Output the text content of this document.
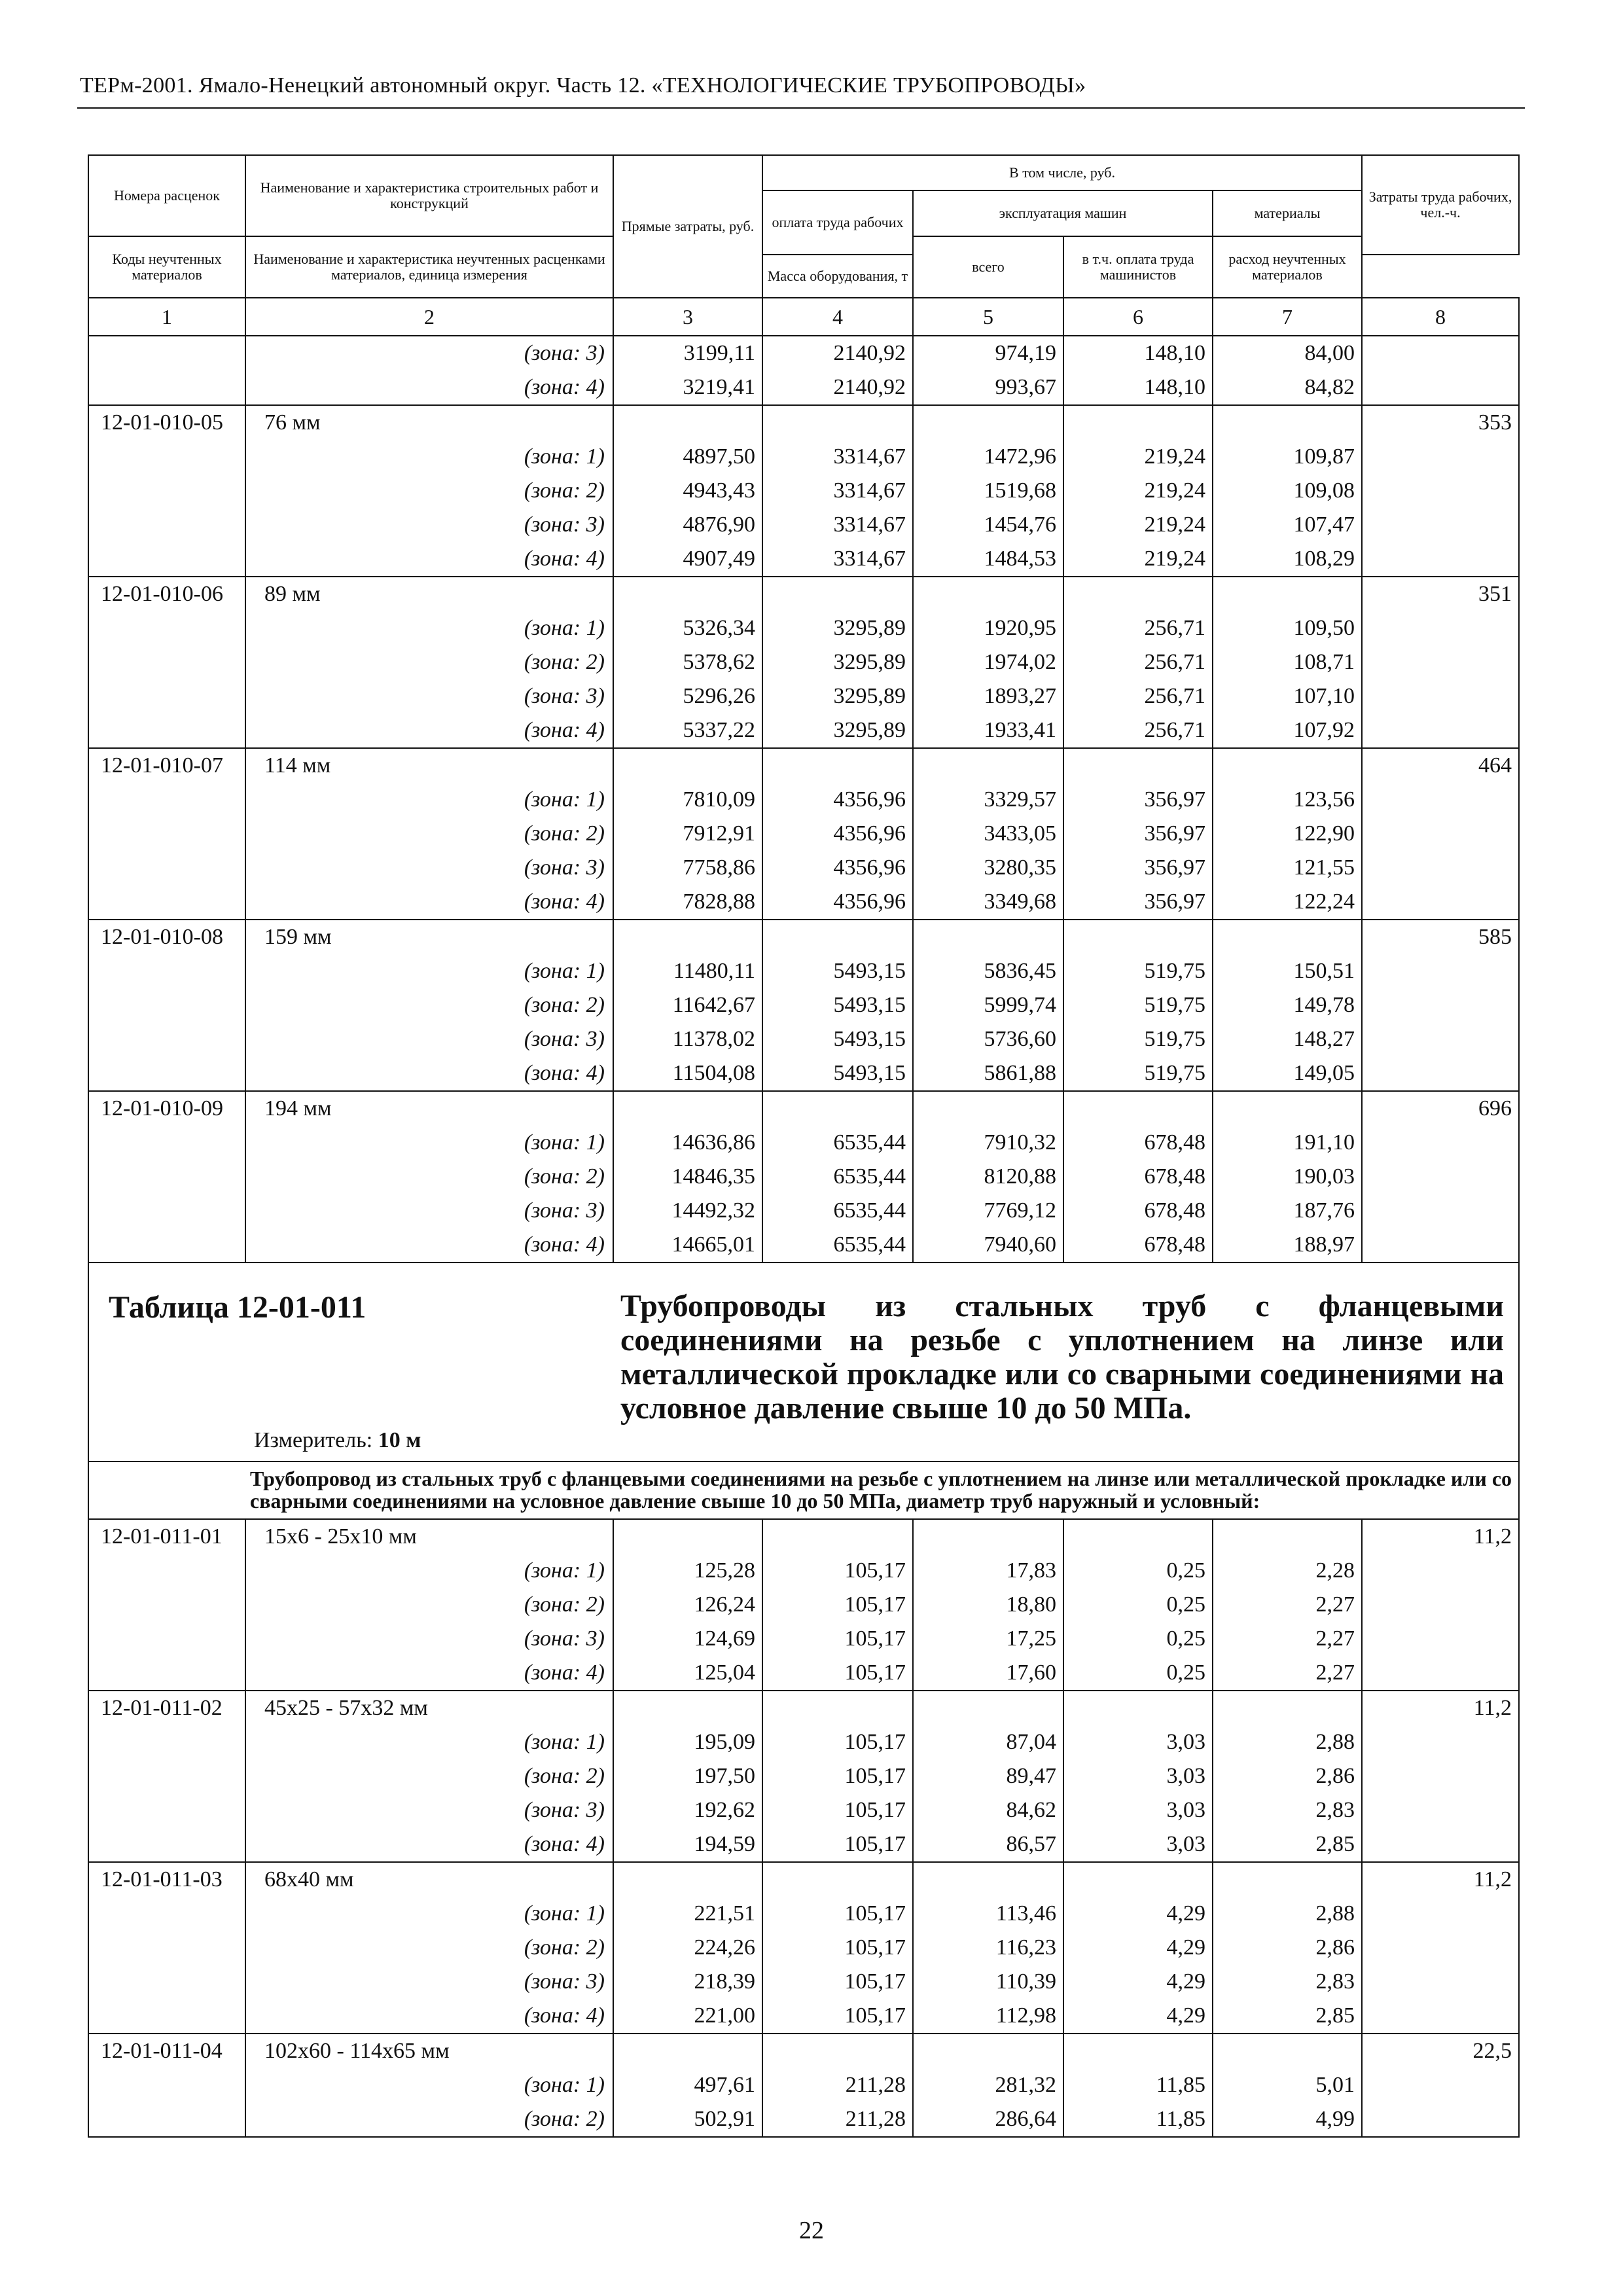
ТЕРм-2001. Ямало-Ненецкий автономный округ. Часть 12. «ТЕХНОЛОГИЧЕСКИЕ ТРУБОПРОВОДЫ»
Номера расценок	Наименование и характеристика строительных работ и конструкций	Прямые затраты, руб.	В том числе, руб.				Затраты труда рабочих, чел.-ч.
			оплата труда рабочих	эксплуатация машин		материалы	
Коды неучтенных материалов	Наименование и характеристика неучтенных расценками материалов, единица измерения			всего	в т.ч. оплата труда машинистов	расход неучтенных материалов	
			Масса оборудования, т				
1	2	3	4	5	6	7	8
	(зона: 3)	3199,11	2140,92	974,19	148,10	84,00	
	(зона: 4)	3219,41	2140,92	993,67	148,10	84,82	
12-01-010-05	76 мм						353
	(зона: 1)	4897,50	3314,67	1472,96	219,24	109,87	
	(зона: 2)	4943,43	3314,67	1519,68	219,24	109,08	
	(зона: 3)	4876,90	3314,67	1454,76	219,24	107,47	
	(зона: 4)	4907,49	3314,67	1484,53	219,24	108,29	
12-01-010-06	89 мм						351
	(зона: 1)	5326,34	3295,89	1920,95	256,71	109,50	
	(зона: 2)	5378,62	3295,89	1974,02	256,71	108,71	
	(зона: 3)	5296,26	3295,89	1893,27	256,71	107,10	
	(зона: 4)	5337,22	3295,89	1933,41	256,71	107,92	
12-01-010-07	114 мм						464
	(зона: 1)	7810,09	4356,96	3329,57	356,97	123,56	
	(зона: 2)	7912,91	4356,96	3433,05	356,97	122,90	
	(зона: 3)	7758,86	4356,96	3280,35	356,97	121,55	
	(зона: 4)	7828,88	4356,96	3349,68	356,97	122,24	
12-01-010-08	159 мм						585
	(зона: 1)	11480,11	5493,15	5836,45	519,75	150,51	
	(зона: 2)	11642,67	5493,15	5999,74	519,75	149,78	
	(зона: 3)	11378,02	5493,15	5736,60	519,75	148,27	
	(зона: 4)	11504,08	5493,15	5861,88	519,75	149,05	
12-01-010-09	194 мм						696
	(зона: 1)	14636,86	6535,44	7910,32	678,48	191,10	
	(зона: 2)	14846,35	6535,44	8120,88	678,48	190,03	
	(зона: 3)	14492,32	6535,44	7769,12	678,48	187,76	
	(зона: 4)	14665,01	6535,44	7940,60	678,48	188,97	

Таблица 12-01-011 Трубопроводы из стальных труб с фланцевыми соединениями на резьбе с уплотнением на линзе или металлической прокладке или со сварными соединениями на условное давление свыше 10 до 50 МПа.
Измеритель: 10 м							

Трубопровод из стальных труб с фланцевыми соединениями на резьбе с уплотнением на линзе или металлической прокладке или со сварными соединениями на условное давление свыше 10 до 50 МПа, диаметр труб наружный и условный:							

12-01-011-01	15х6 - 25х10 мм						11,2
	(зона: 1)	125,28	105,17	17,83	0,25	2,28	
	(зона: 2)	126,24	105,17	18,80	0,25	2,27	
	(зона: 3)	124,69	105,17	17,25	0,25	2,27	
	(зона: 4)	125,04	105,17	17,60	0,25	2,27	
12-01-011-02	45х25 - 57х32 мм						11,2
	(зона: 1)	195,09	105,17	87,04	3,03	2,88	
	(зона: 2)	197,50	105,17	89,47	3,03	2,86	
	(зона: 3)	192,62	105,17	84,62	3,03	2,83	
	(зона: 4)	194,59	105,17	86,57	3,03	2,85	
12-01-011-03	68х40 мм						11,2
	(зона: 1)	221,51	105,17	113,46	4,29	2,88	
	(зона: 2)	224,26	105,17	116,23	4,29	2,86	
	(зона: 3)	218,39	105,17	110,39	4,29	2,83	
	(зона: 4)	221,00	105,17	112,98	4,29	2,85	
12-01-011-04	102х60 - 114х65 мм						22,5
	(зона: 1)	497,61	211,28	281,32	11,85	5,01	
	(зона: 2)	502,91	211,28	286,64	11,85	4,99	
22
